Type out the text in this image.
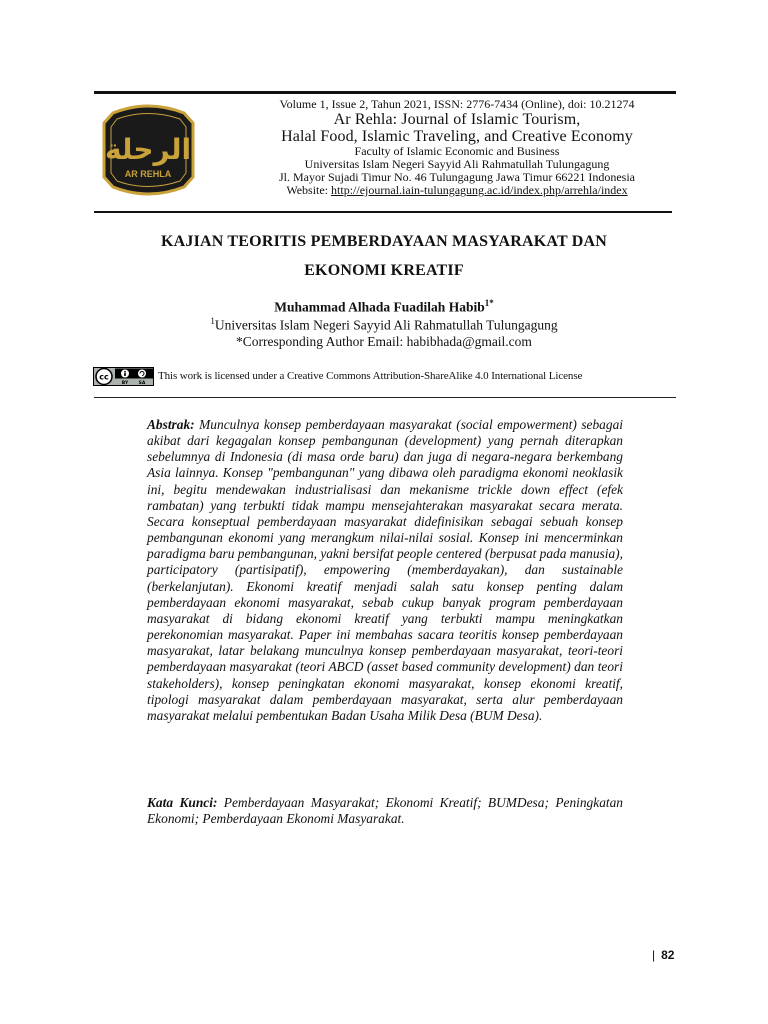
الرحلة
AR REHLA
Volume 1, Issue 2, Tahun 2021, ISSN: 2776-7434 (Online), doi: 10.21274
Ar Rehla: Journal of Islamic Tourism,
Halal Food, Islamic Traveling, and Creative Economy
Faculty of Islamic Economic and Business
Universitas Islam Negeri Sayyid Ali Rahmatullah Tulungagung
Jl. Mayor Sujadi Timur No. 46 Tulungagung Jawa Timur 66221 Indonesia
Website: http://ejournal.iain-tulungagung.ac.id/index.php/arrehla/index
KAJIAN TEORITIS PEMBERDAYAAN MASYARAKAT DAN
EKONOMI KREATIF
Muhammad Alhada Fuadilah Habib$^{1*}$
$^1$Universitas Islam Negeri Sayyid Ali Rahmatullah Tulungagung
*Corresponding Author Email: habibhada@gmail.com
cc
BY SA
This work is licensed under a Creative Commons Attribution-ShareAlike 4.0 International License
Abstrak: Munculnya konsep pemberdayaan masyarakat (social empowerment) sebagai akibat dari kegagalan konsep pembangunan (development) yang pernah diterapkan sebelumnya di Indonesia (di masa orde baru) dan juga di negara-negara berkembang Asia lainnya. Konsep "pembangunan" yang dibawa oleh paradigma ekonomi neoklasik ini, begitu mendewakan industrialisasi dan mekanisme trickle down effect (efek rambatan) yang terbukti tidak mampu mensejahterakan masyarakat secara merata. Secara konseptual pemberdayaan masyarakat didefinisikan sebagai sebuah konsep pembangunan ekonomi yang merangkum nilai-nilai sosial. Konsep ini mencerminkan paradigma baru pembangunan, yakni bersifat people centered (berpusat pada manusia), participatory (partisipatif), empowering (memberdayakan), dan sustainable (berkelanjutan). Ekonomi kreatif menjadi salah satu konsep penting dalam pemberdayaan ekonomi masyarakat, sebab cukup banyak program pemberdayaan masyarakat di bidang ekonomi kreatif yang terbukti mampu meningkatkan perekonomian masyarakat. Paper ini membahas sacara teoritis konsep pemberdayaan masyarakat, latar belakang munculnya konsep pemberdayaan masyarakat, teori-teori pemberdayaan masyarakat (teori ABCD (asset based community development) dan teori stakeholders), konsep peningkatan ekonomi masyarakat, konsep ekonomi kreatif, tipologi masyarakat dalam pemberdayaan masyarakat, serta alur pemberdayaan masyarakat melalui pembentukan Badan Usaha Milik Desa (BUM Desa).
Kata Kunci: Pemberdayaan Masyarakat; Ekonomi Kreatif; BUMDesa; Peningkatan Ekonomi; Pemberdayaan Ekonomi Masyarakat.
| 82
